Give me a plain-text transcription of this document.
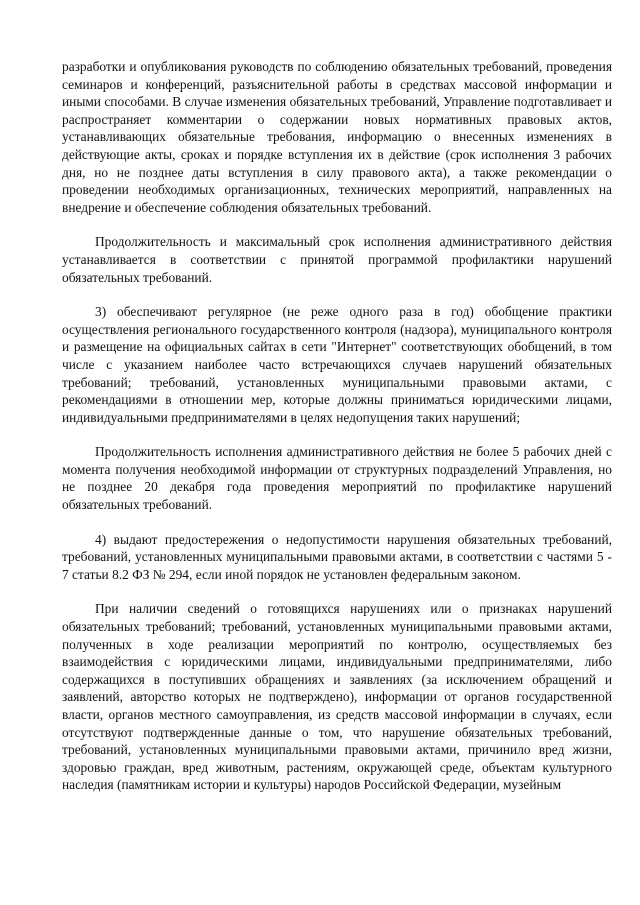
разработки и опубликования руководств по соблюдению обязательных требований, проведения семинаров и конференций, разъяснительной работы в средствах массовой информации и иными способами. В случае изменения обязательных требований, Управление подготавливает и распространяет комментарии о содержании новых нормативных правовых актов, устанавливающих обязательные требования, информацию о внесенных изменениях в действующие акты, сроках и порядке вступления их в действие (срок исполнения 3 рабочих дня, но не позднее даты вступления в силу правового акта), а также рекомендации о проведении необходимых организационных, технических мероприятий, направленных на внедрение и обеспечение соблюдения обязательных требований.

Продолжительность и максимальный срок исполнения административного действия устанавливается в соответствии с принятой программой профилактики нарушений обязательных требований.

3) обеспечивают регулярное (не реже одного раза в год) обобщение практики осуществления регионального государственного контроля (надзора), муниципального контроля и размещение на официальных сайтах в сети "Интернет" соответствующих обобщений, в том числе с указанием наиболее часто встречающихся случаев нарушений обязательных требований; требований, установленных муниципальными правовыми актами, с рекомендациями в отношении мер, которые должны приниматься юридическими лицами, индивидуальными предпринимателями в целях недопущения таких нарушений;

Продолжительность исполнения административного действия не более 5 рабочих дней с момента получения необходимой информации от структурных подразделений Управления, но не позднее 20 декабря года проведения мероприятий по профилактике нарушений обязательных требований.

4) выдают предостережения о недопустимости нарушения обязательных требований, требований, установленных муниципальными правовыми актами, в соответствии с частями 5 - 7 статьи 8.2 ФЗ № 294, если иной порядок не установлен федеральным законом.

При наличии сведений о готовящихся нарушениях или о признаках нарушений обязательных требований; требований, установленных муниципальными правовыми актами, полученных в ходе реализации мероприятий по контролю, осуществляемых без взаимодействия с юридическими лицами, индивидуальными предпринимателями, либо содержащихся в поступивших обращениях и заявлениях (за исключением обращений и заявлений, авторство которых не подтверждено), информации от органов государственной власти, органов местного самоуправления, из средств массовой информации в случаях, если отсутствуют подтвержденные данные о том, что нарушение обязательных требований, требований, установленных муниципальными правовыми актами, причинило вред жизни, здоровью граждан, вред животным, растениям, окружающей среде, объектам культурного наследия (памятникам истории и культуры) народов Российской Федерации, музейным
